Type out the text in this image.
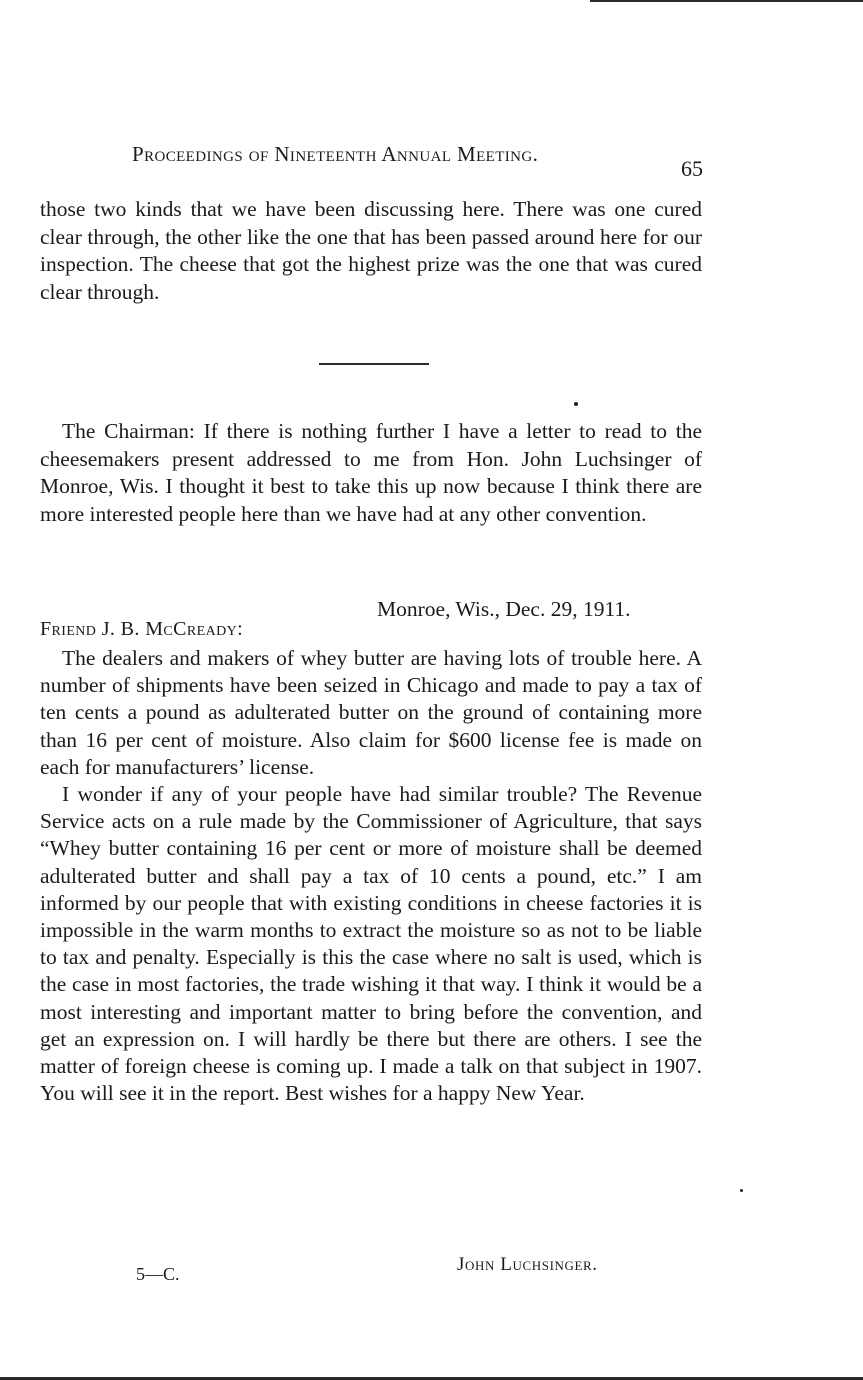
Proceedings of Nineteenth Annual Meeting.
65

those two kinds that we have been discussing here. There was one cured clear through, the other like the one that has been passed around here for our inspection. The cheese that got the highest prize was the one that was cured clear through.

The Chairman: If there is nothing further I have a letter to read to the cheesemakers present addressed to me from Hon. John Luchsinger of Monroe, Wis. I thought it best to take this up now because I think there are more interested people here than we have had at any other convention.

Monroe, Wis., Dec. 29, 1911.
Friend J. B. McCready:

The dealers and makers of whey butter are having lots of trouble here. A number of shipments have been seized in Chicago and made to pay a tax of ten cents a pound as adulterated butter on the ground of containing more than 16 per cent of moisture. Also claim for $600 license fee is made on each for manufacturers’ license.

I wonder if any of your people have had similar trouble? The Revenue Service acts on a rule made by the Commissioner of Agriculture, that says “Whey butter containing 16 per cent or more of moisture shall be deemed adulterated butter and shall pay a tax of 10 cents a pound, etc.” I am informed by our people that with existing conditions in cheese factories it is impossible in the warm months to extract the moisture so as not to be liable to tax and penalty. Especially is this the case where no salt is used, which is the case in most factories, the trade wishing it that way. I think it would be a most interesting and important matter to bring before the convention, and get an expression on. I will hardly be there but there are others. I see the matter of foreign cheese is coming up. I made a talk on that subject in 1907. You will see it in the report. Best wishes for a happy New Year.

John Luchsinger.
5—C.
